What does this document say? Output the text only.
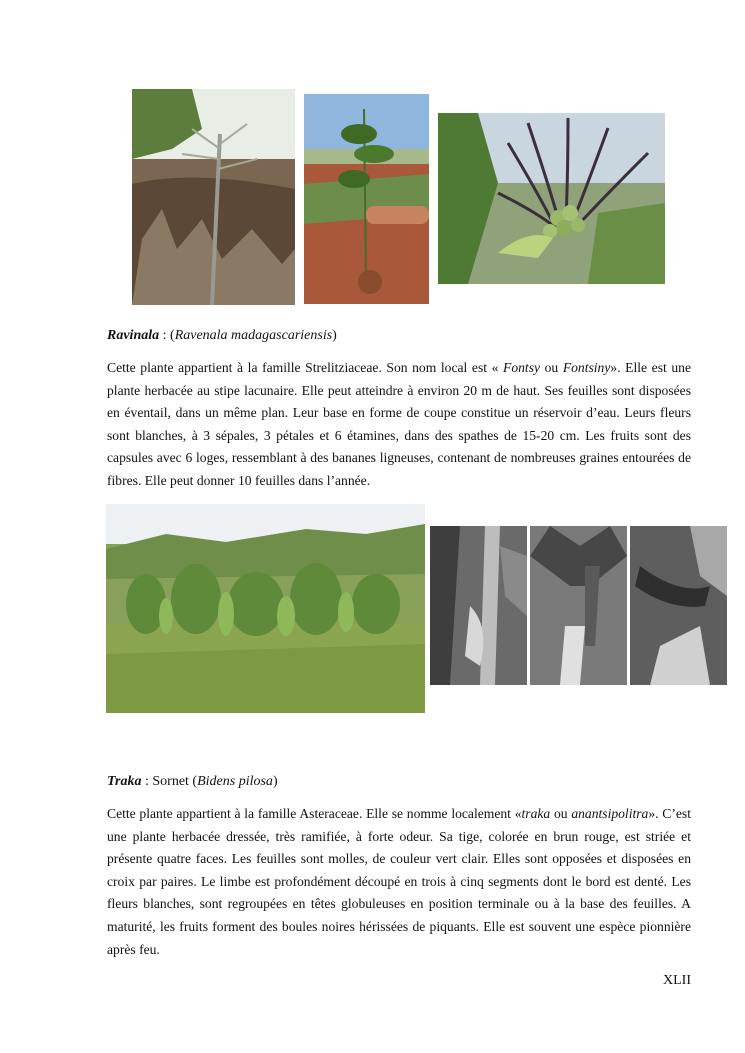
Ravinala : (Ravenala madagascariensis)

Cette plante appartient à la famille Strelitziaceae. Son nom local est « Fontsy ou Fontsiny». Elle est une plante herbacée au stipe lacunaire. Elle peut atteindre à environ 20 m de haut. Ses feuilles sont disposées en éventail, dans un même plan. Leur base en forme de coupe constitue un réservoir d’eau. Leurs fleurs sont blanches, à 3 sépales, 3 pétales et 6 étamines, dans des spathes de 15-20 cm. Les fruits sont des capsules avec 6 loges, ressemblant à des bananes ligneuses, contenant de nombreuses graines entourées de fibres. Elle peut donner 10 feuilles dans l’année.

Traka : Sornet (Bidens pilosa)

Cette plante appartient à la famille Asteraceae. Elle se nomme localement «traka ou anantsipolitra». C’est une plante herbacée dressée, très ramifiée, à forte odeur. Sa tige, colorée en brun rouge, est striée et présente quatre faces. Les feuilles sont molles, de couleur vert clair. Elles sont opposées et disposées en croix par paires. Le limbe est profondément découpé en trois à cinq segments dont le bord est denté. Les fleurs blanches, sont regroupées en têtes globuleuses en position terminale ou à la base des feuilles. A maturité, les fruits forment des boules noires hérissées de piquants. Elle est souvent une espèce pionnière après feu.

XLII
